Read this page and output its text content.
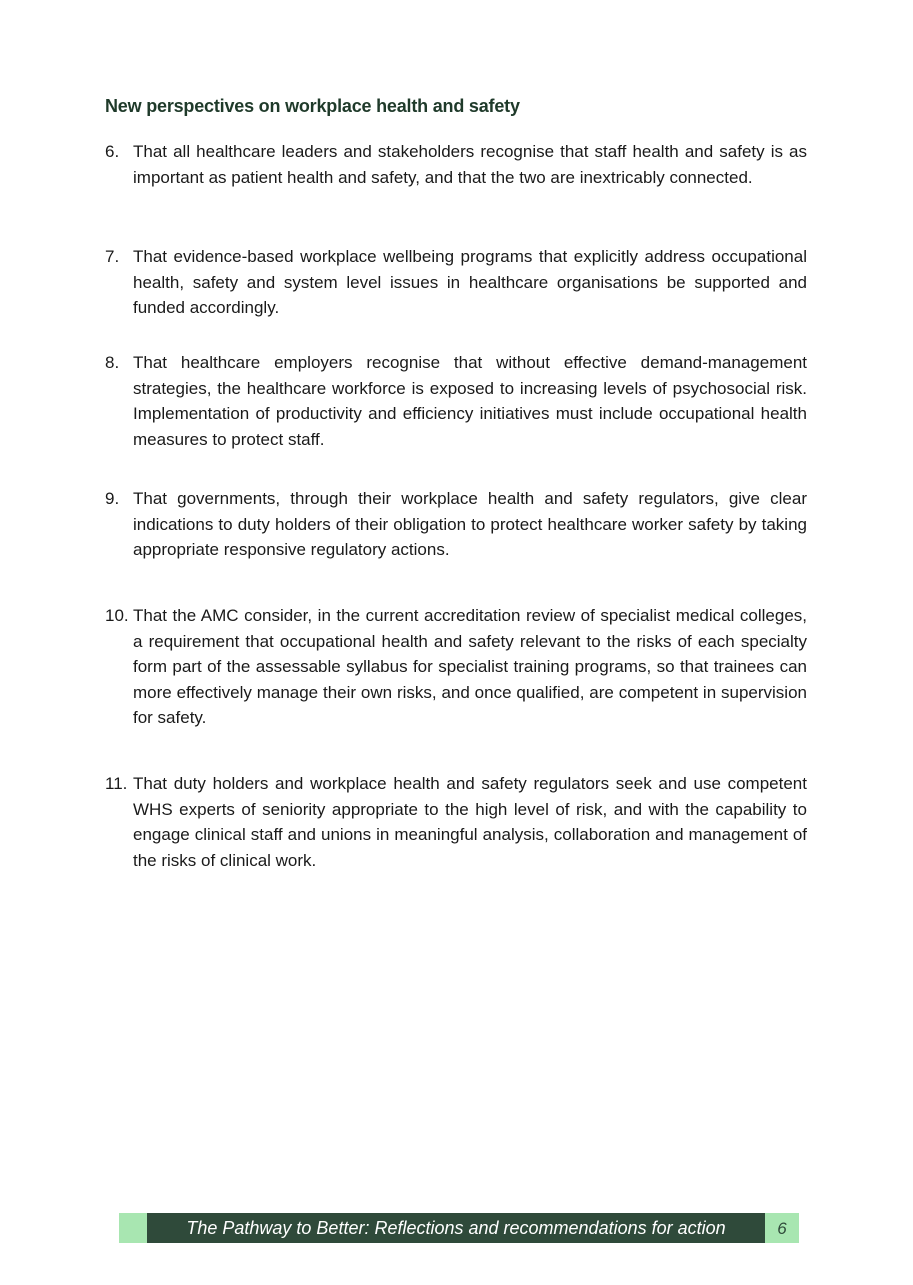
New perspectives on workplace health and safety
6. That all healthcare leaders and stakeholders recognise that staff health and safety is as important as patient health and safety, and that the two are inextricably connected.
7. That evidence-based workplace wellbeing programs that explicitly address occupational health, safety and system level issues in healthcare organisations be supported and funded accordingly.
8. That healthcare employers recognise that without effective demand-management strategies, the healthcare workforce is exposed to increasing levels of psychosocial risk. Implementation of productivity and efficiency initiatives must include occupational health measures to protect staff.
9. That governments, through their workplace health and safety regulators, give clear indications to duty holders of their obligation to protect healthcare worker safety by taking appropriate responsive regulatory actions.
10. That the AMC consider, in the current accreditation review of specialist medical colleges, a requirement that occupational health and safety relevant to the risks of each specialty form part of the assessable syllabus for specialist training programs, so that trainees can more effectively manage their own risks, and once qualified, are competent in supervision for safety.
11. That duty holders and workplace health and safety regulators seek and use competent WHS experts of seniority appropriate to the high level of risk, and with the capability to engage clinical staff and unions in meaningful analysis, collaboration and management of the risks of clinical work.
The Pathway to Better: Reflections and recommendations for action	6
